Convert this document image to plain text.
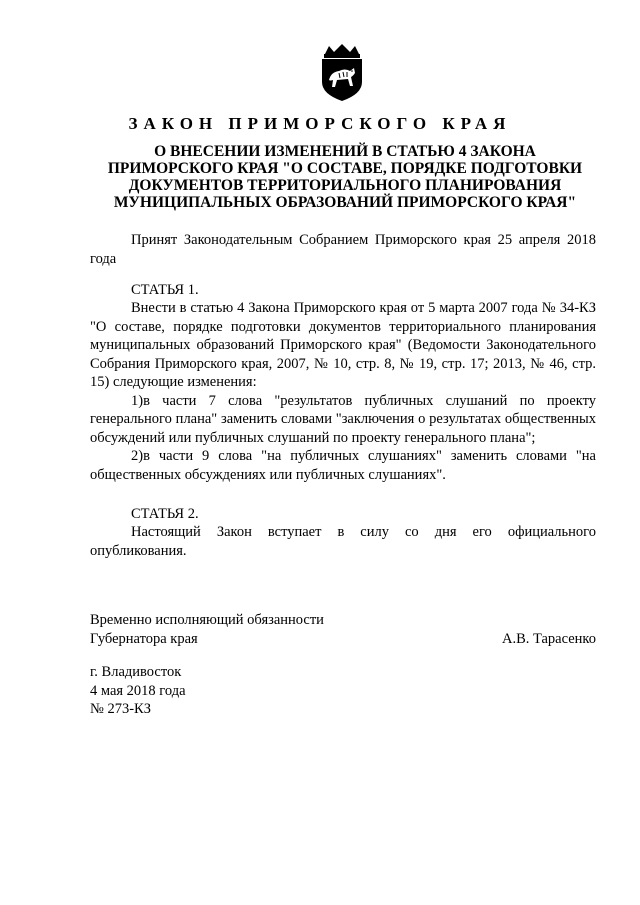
ЗАКОН ПРИМОРСКОГО КРАЯ
О ВНЕСЕНИИ ИЗМЕНЕНИЙ В СТАТЬЮ 4 ЗАКОНА
ПРИМОРСКОГО КРАЯ "О СОСТАВЕ, ПОРЯДКЕ ПОДГОТОВКИ
ДОКУМЕНТОВ ТЕРРИТОРИАЛЬНОГО ПЛАНИРОВАНИЯ
МУНИЦИПАЛЬНЫХ ОБРАЗОВАНИЙ ПРИМОРСКОГО КРАЯ"

Принят Законодательным Собранием Приморского края 25 апреля 2018 года

СТАТЬЯ 1.

Внести в статью 4 Закона Приморского края от 5 марта 2007 года № 34-КЗ "О составе, порядке подготовки документов территориального планирования муниципальных образований Приморского края" (Ведомости Законодательного Собрания Приморского края, 2007, № 10, стр. 8, № 19, стр. 17; 2013, № 46, стр. 15) следующие изменения:

1)в части 7 слова "результатов публичных слушаний по проекту генерального плана" заменить словами "заключения о результатах общественных обсуждений или публичных слушаний по проекту генерального плана";

2)в части 9 слова "на публичных слушаниях" заменить словами "на общественных обсуждениях или публичных слушаниях".

СТАТЬЯ 2.

Настоящий Закон вступает в силу со дня его официального опубликования.

Временно исполняющий обязанности
Губернатора края	А.В. Тарасенко
г. Владивосток
4 мая 2018 года
№ 273-КЗ
